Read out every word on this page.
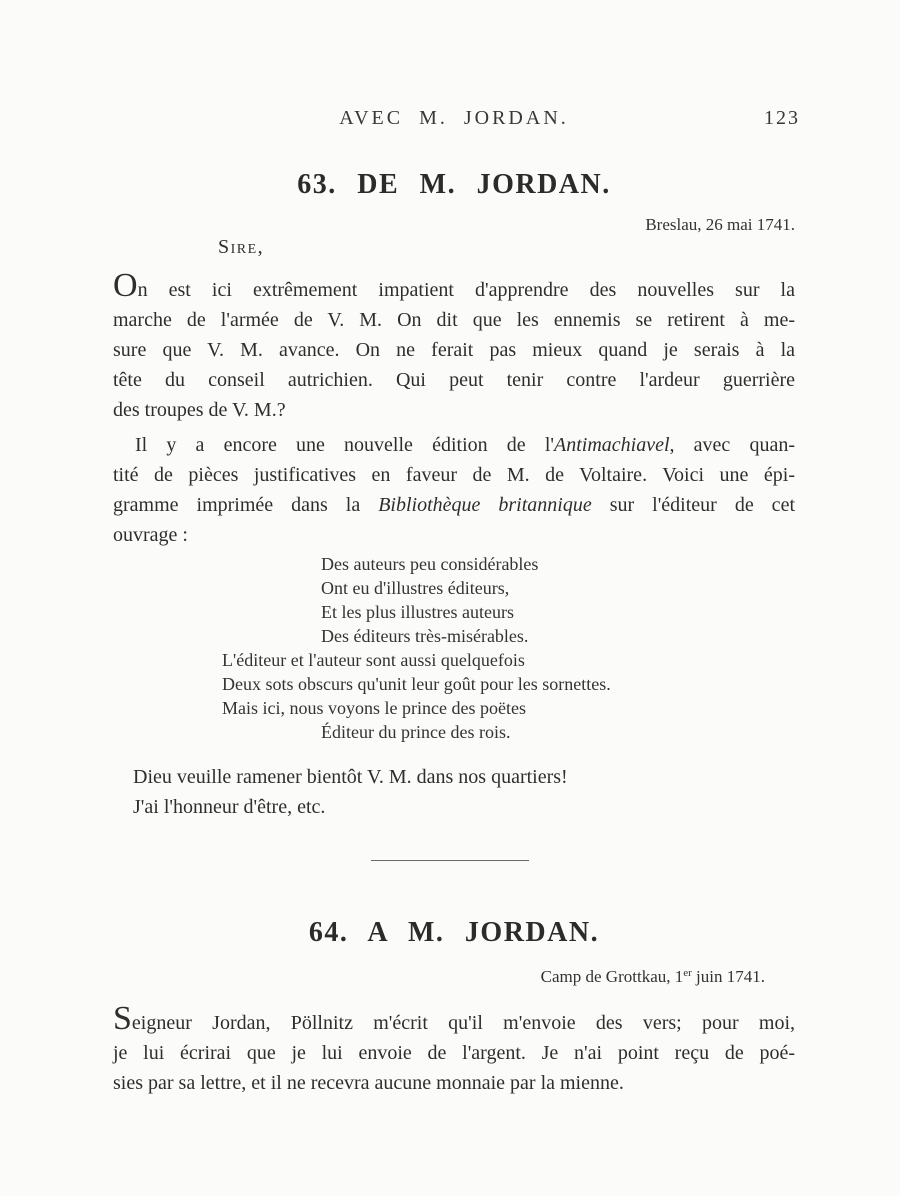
AVEC M. JORDAN.	123
63. DE M. JORDAN.
Breslau, 26 mai 1741.
Sire,
On est ici extrêmement impatient d'apprendre des nouvelles sur la
marche de l'armée de V. M. On dit que les ennemis se retirent à me-
sure que V. M. avance. On ne ferait pas mieux quand je serais à la
tête du conseil autrichien. Qui peut tenir contre l'ardeur guerrière
des troupes de V. M.?
Il y a encore une nouvelle édition de l'Antimachiavel, avec quan-
tité de pièces justificatives en faveur de M. de Voltaire. Voici une épi-
gramme imprimée dans la Bibliothèque britannique sur l'éditeur de cet
ouvrage :
Des auteurs peu considérables
Ont eu d'illustres éditeurs,
Et les plus illustres auteurs
Des éditeurs très-misérables.
L'éditeur et l'auteur sont aussi quelquefois
Deux sots obscurs qu'unit leur goût pour les sornettes.
Mais ici, nous voyons le prince des poëtes
Éditeur du prince des rois.
Dieu veuille ramener bientôt V. M. dans nos quartiers!
J'ai l'honneur d'être, etc.
64. A M. JORDAN.
Camp de Grottkau, 1er juin 1741.
Seigneur Jordan, Pöllnitz m'écrit qu'il m'envoie des vers; pour moi,
je lui écrirai que je lui envoie de l'argent. Je n'ai point reçu de poé-
sies par sa lettre, et il ne recevra aucune monnaie par la mienne.
